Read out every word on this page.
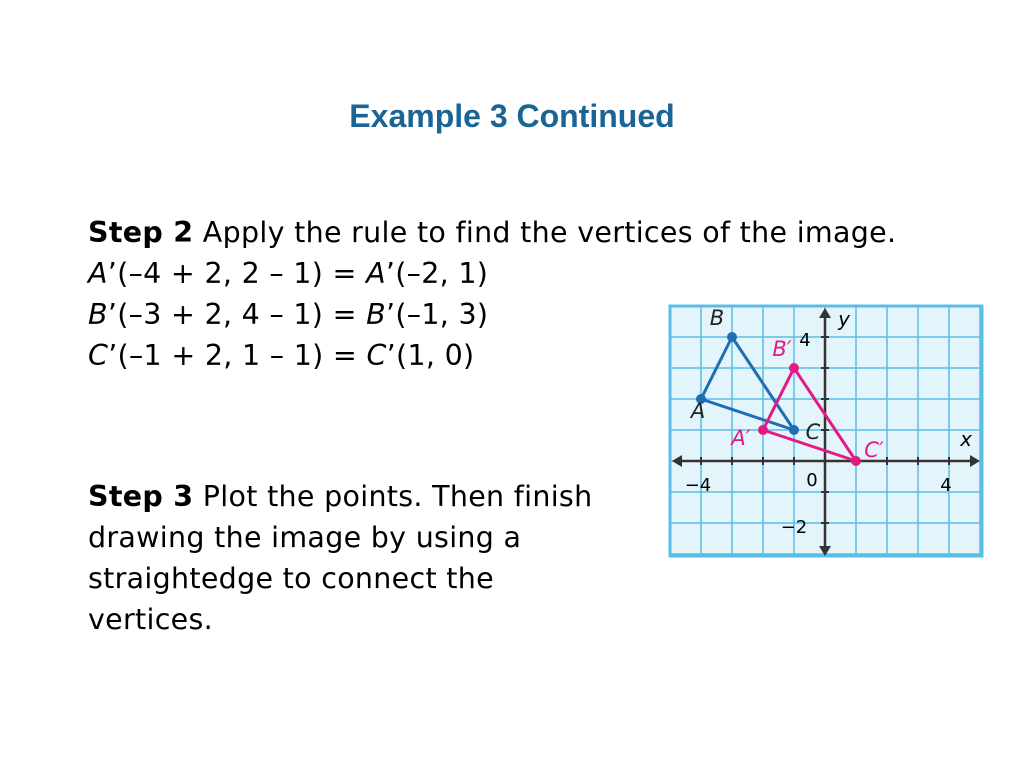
Example 3 Continued
Step 2 Apply the rule to find the vertices of the image.
A’(–4 + 2, 2 – 1) = A’(–2, 1)
B’(–3 + 2, 4 – 1) = B’(–1, 3)
C’(–1 + 2, 1 – 1) = C’(1, 0)
Step 3 Plot the points. Then finish drawing the image by using a straightedge to connect the vertices.
x
y
−4	4
0
4
−2
A
B
C
A′
B′
C′
